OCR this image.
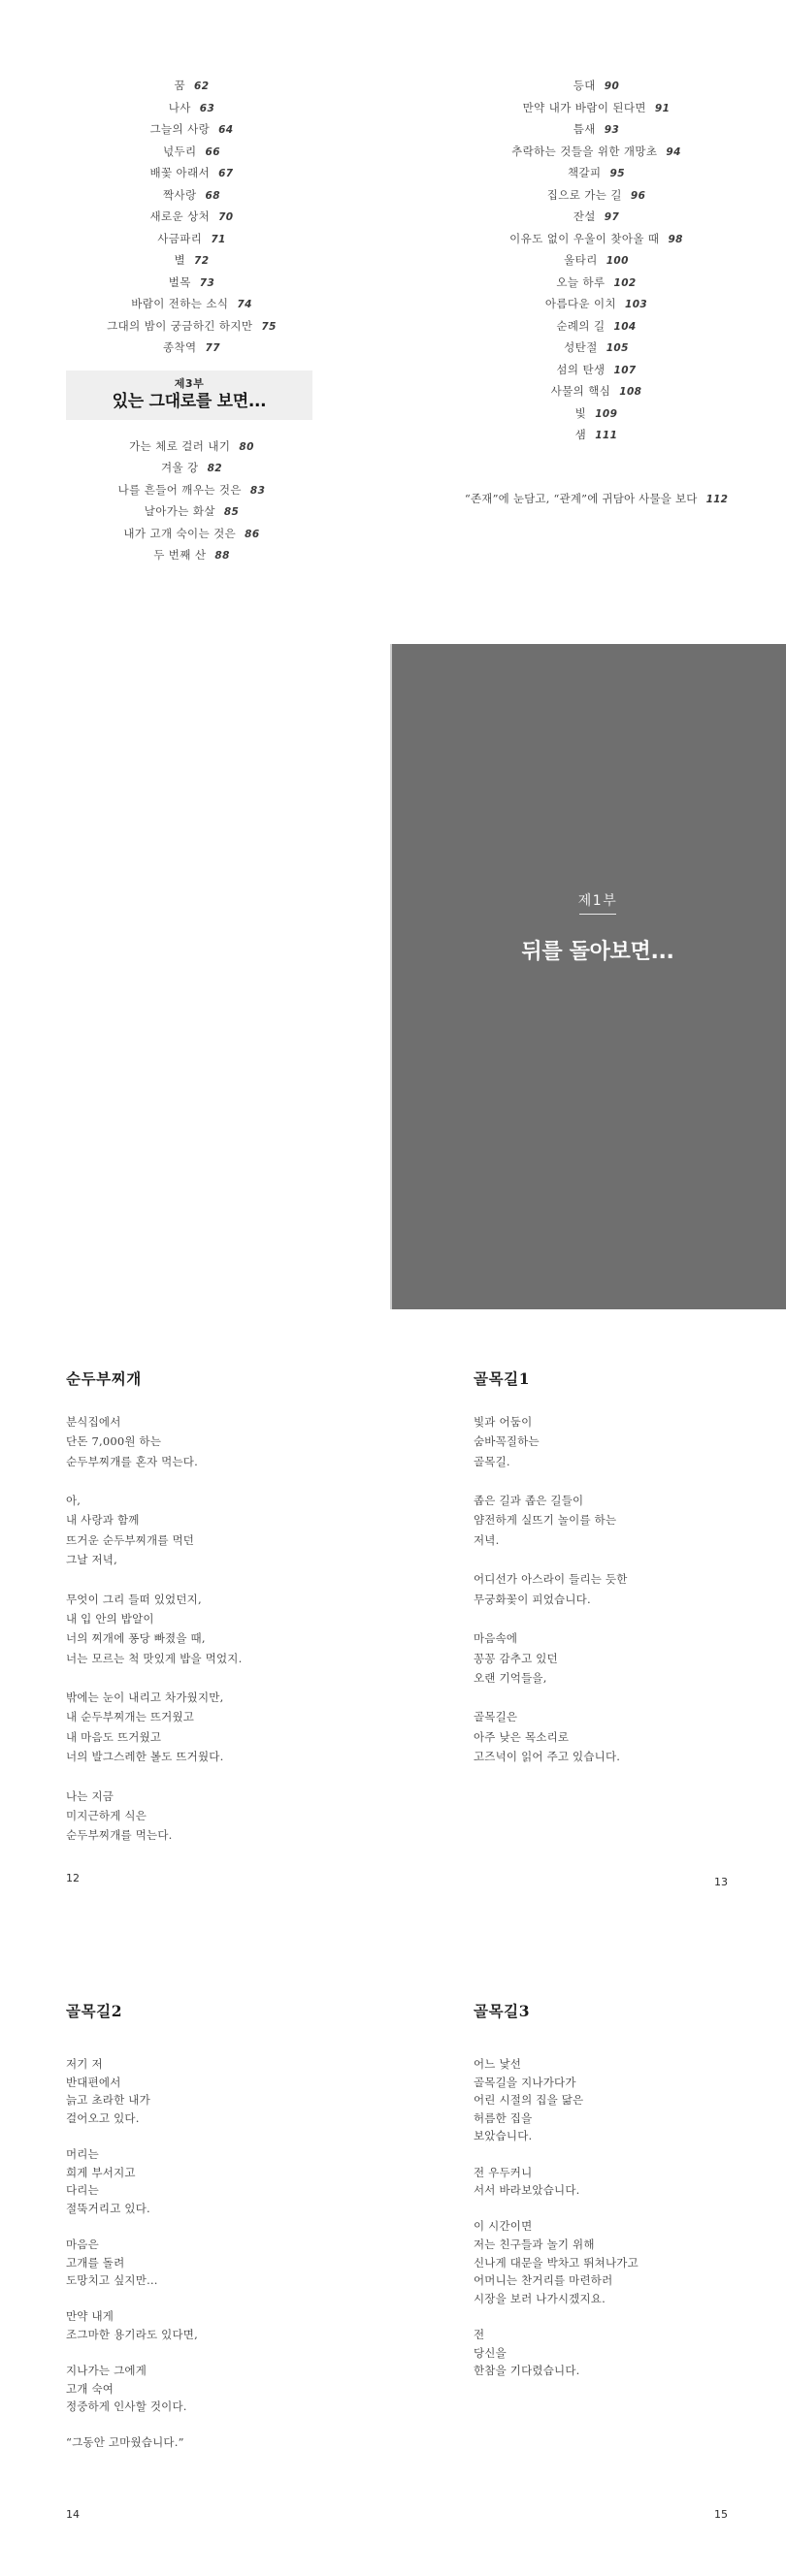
꿈 62
나사 63
그늘의 사랑 64
넋두리 66
배꽃 아래서 67
짝사랑 68
새로운 상처 70
사금파리 71
별 72
벌목 73
바람이 전하는 소식 74
그대의 밤이 궁금하긴 하지만 75
종착역 77
제3부
있는 그대로를 보면...
가는 체로 걸러 내기 80
겨울 강 82
나를 흔들어 깨우는 것은 83
날아가는 화살 85
내가 고개 숙이는 것은 86
두 번째 산 88
등대 90
만약 내가 바람이 된다면 91
틈새 93
추락하는 것들을 위한 개망초 94
책갈피 95
집으로 가는 길 96
잔설 97
이유도 없이 우울이 찾아올 때 98
울타리 100
오늘 하루 102
아름다운 이치 103
순례의 길 104
성탄절 105
섬의 탄생 107
사물의 핵심 108
빛 109
샘 111
“존재”에 눈담고, “관계”에 귀담아 사물을 보다 112
제1부
뒤를 돌아보면...
순두부찌개
분식집에서
단돈 7,000원 하는
순두부찌개를 혼자 먹는다.
아,
내 사랑과 함께
뜨거운 순두부찌개를 먹던
그날 저녁,
무엇이 그리 들떠 있었던지,
내 입 안의 밥알이
너의 찌개에 퐁당 빠졌을 때,
너는 모르는 척 맛있게 밥을 먹었지.
밖에는 눈이 내리고 차가웠지만,
내 순두부찌개는 뜨거웠고
내 마음도 뜨거웠고
너의 발그스레한 볼도 뜨거웠다.
나는 지금
미지근하게 식은
순두부찌개를 먹는다.
12
골목길1
빛과 어둠이
숨바꼭질하는
골목길.
좁은 길과 좁은 길들이
얌전하게 실뜨기 놀이를 하는
저녁.
어디선가 아스라이 들리는 듯한
무궁화꽃이 피었습니다.
마음속에
꽁꽁 감추고 있던
오랜 기억들을,
골목길은
아주 낮은 목소리로
고즈넉이 읽어 주고 있습니다.
13
골목길2
저기 저
반대편에서
늙고 초라한 내가
걸어오고 있다.
머리는
희게 부서지고
다리는
절뚝거리고 있다.
마음은
고개를 돌려
도망치고 싶지만…
만약 내게
조그마한 용기라도 있다면,
지나가는 그에게
고개 숙여
정중하게 인사할 것이다.
“그동안 고마웠습니다.”
14
골목길3
어느 낯선
골목길을 지나가다가
어린 시절의 집을 닮은
허름한 집을
보았습니다.
전 우두커니
서서 바라보았습니다.
이 시간이면
저는 친구들과 놀기 위해
신나게 대문을 박차고 뛰쳐나가고
어머니는 찬거리를 마련하러
시장을 보러 나가시겠지요.
전
당신을
한참을 기다렸습니다.
15
